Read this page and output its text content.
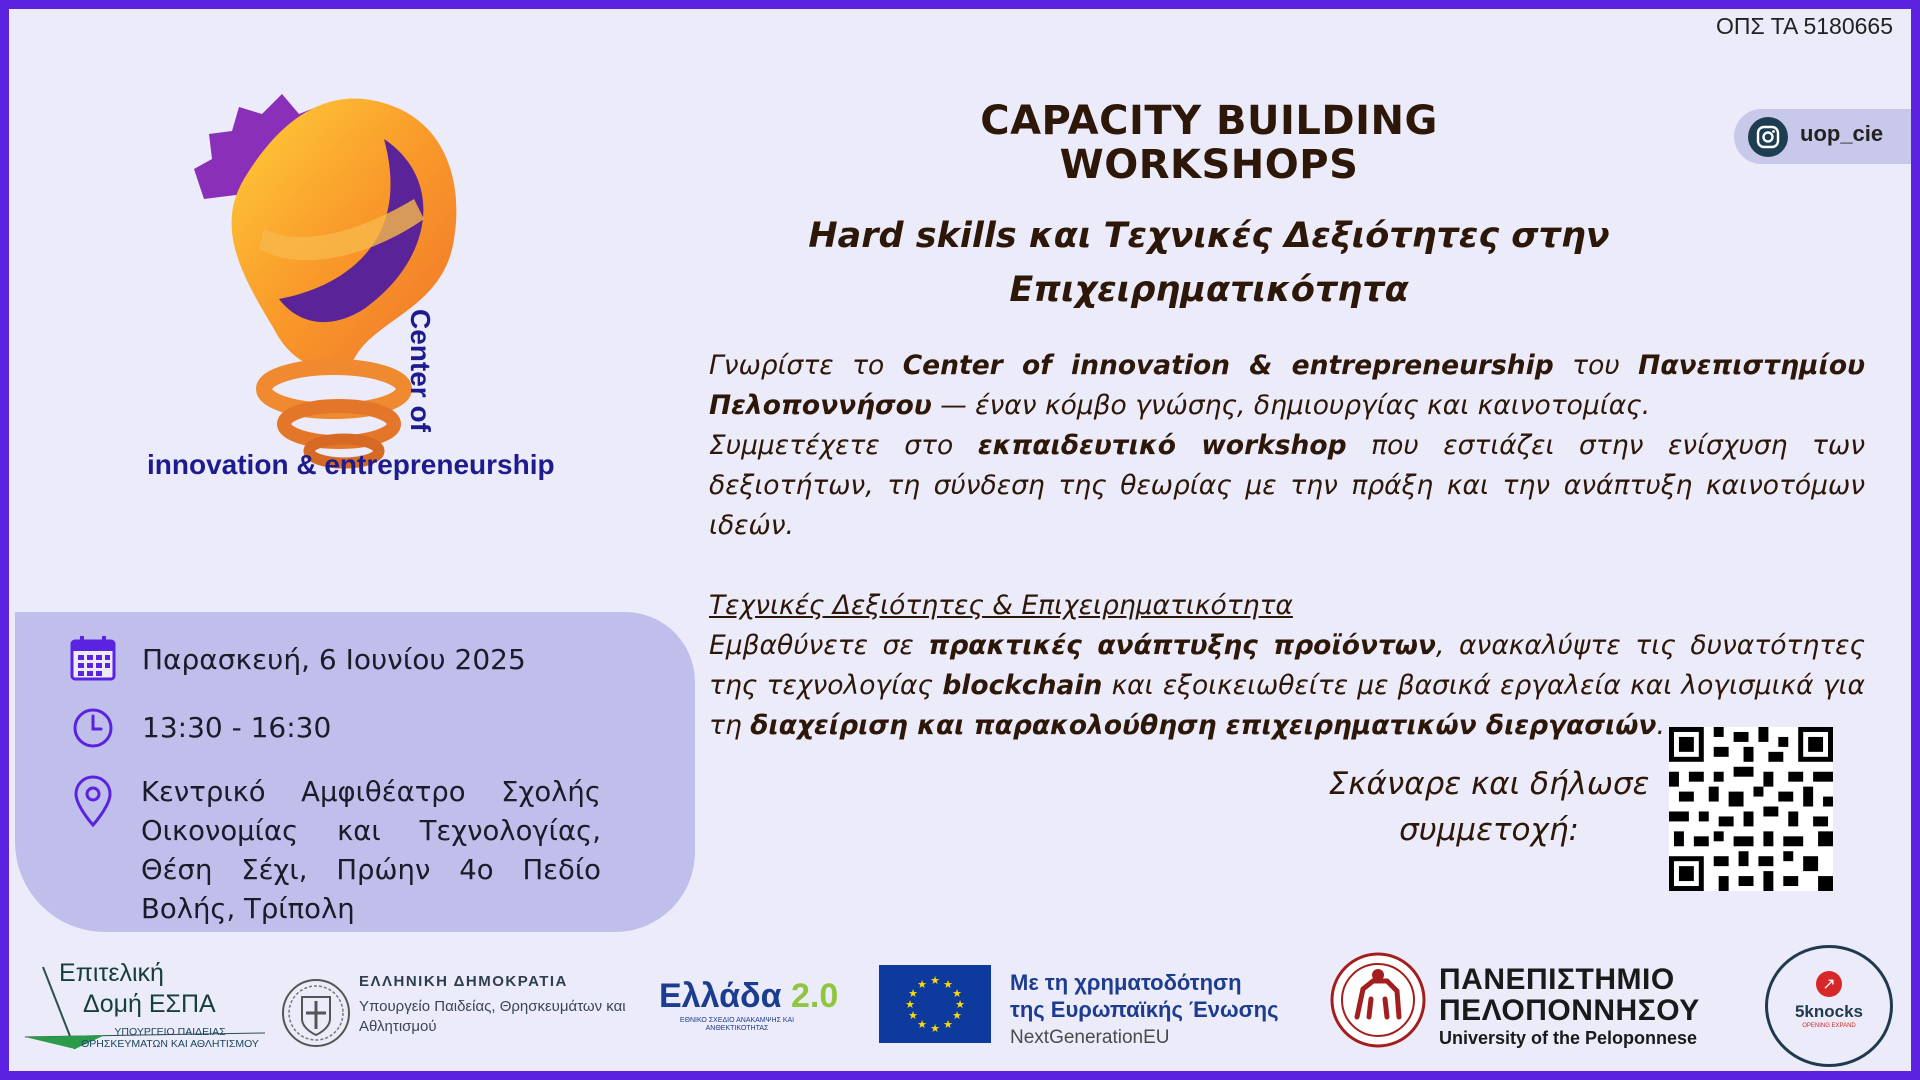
ΟΠΣ ΤΑ 5180665
uop_cie
Center of
innovation & entrepreneurship
CAPACITY BUILDING
WORKSHOPS
Hard skills και Τεχνικές Δεξιότητες στην
Επιχειρηματικότητα

Γνωρίστε το Center of innovation & entrepreneurship του Πανεπιστημίου Πελοποννήσου — έναν κόμβο γνώσης, δημιουργίας και καινοτομίας.

Συμμετέχετε στο εκπαιδευτικό workshop που εστιάζει στην ενίσχυση των δεξιοτήτων, τη σύνδεση της θεωρίας με την πράξη και την ανάπτυξη καινοτόμων ιδεών.

Τεχνικές Δεξιότητες & Επιχειρηματικότητα

Εμβαθύνετε σε πρακτικές ανάπτυξης προϊόντων, ανακαλύψτε τις δυνατότητες της τεχνολογίας blockchain και εξοικειωθείτε με βασικά εργαλεία και λογισμικά για τη διαχείριση και παρακολούθηση επιχειρηματικών διεργασιών.

Παρασκευή, 6 Ιουνίου 2025
13:30 - 16:30
Κεντρικό Αμφιθέατρο Σχολής Οικονομίας και Τεχνολογίας, Θέση Σέχι, Πρώην 4ο Πεδίο Βολής, Τρίπολη
Σκάναρε και δήλωσε
συμμετοχή:
Επιτελική
Δομή ΕΣΠΑ
ΥΠΟΥΡΓΕΙΟ ΠΑΙΔΕΙΑΣ ΘΡΗΣΚΕΥΜΑΤΩΝ ΚΑΙ ΑΘΛΗΤΙΣΜΟΥ
ΕΛΛΗΝΙΚΗ ΔΗΜΟΚΡΑΤΙΑ
Υπουργείο Παιδείας, Θρησκευμάτων και Αθλητισμού
Ελλάδα 2.0
ΕΘΝΙΚΟ ΣΧΕΔΙΟ ΑΝΑΚΑΜΨΗΣ ΚΑΙ ΑΝΘΕΚΤΙΚΟΤΗΤΑΣ
★ ★
★
★
★
★
★
★
★
★
★
★	Με τη χρηματοδότηση
της Ευρωπαϊκής Ένωσης
NextGenerationEU
ΠΑΝΕΠΙΣΤΗΜΙΟ
ΠΕΛΟΠΟΝΝΗΣΟΥ
University of the Peloponnese
↗
5knocks
OPENING EXPAND
